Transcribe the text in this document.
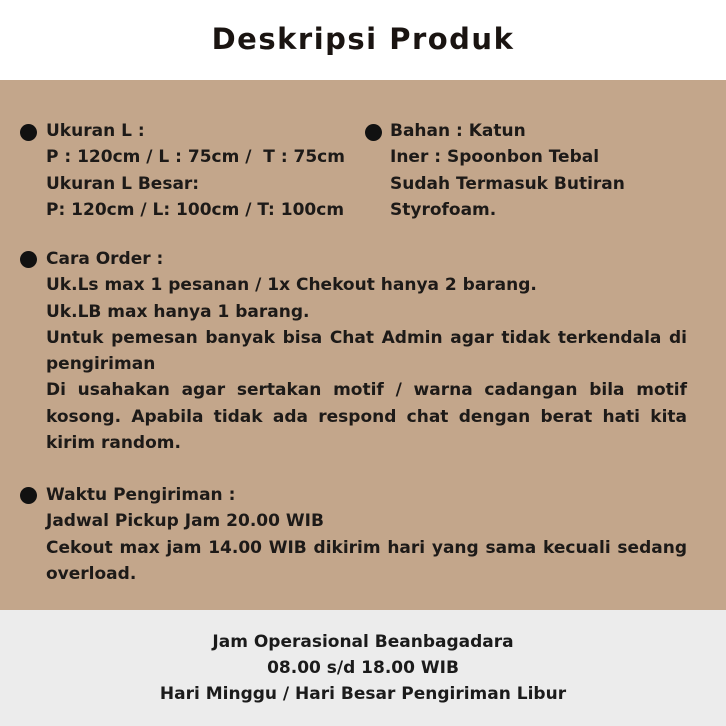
Deskripsi Produk
Ukuran L :
P : 120cm / L : 75cm /  T : 75cm
Ukuran L Besar:
P: 120cm / L: 100cm / T: 100cm
Bahan : Katun
Iner : Spoonbon Tebal
Sudah Termasuk Butiran
Styrofoam.
Cara Order :
Uk.Ls max 1 pesanan / 1x Chekout hanya 2 barang.
Uk.LB max hanya 1 barang.
Untuk pemesan banyak bisa Chat Admin agar tidak terkendala di pengiriman
Di usahakan agar sertakan motif / warna cadangan bila motif kosong. Apabila tidak ada respond chat dengan berat hati kita kirim random.
Waktu Pengiriman :
Jadwal Pickup Jam 20.00 WIB
Cekout max jam 14.00 WIB dikirim hari yang sama kecuali sedang overload.
Jam Operasional Beanbagadara
08.00 s/d 18.00 WIB
Hari Minggu / Hari Besar Pengiriman Libur
